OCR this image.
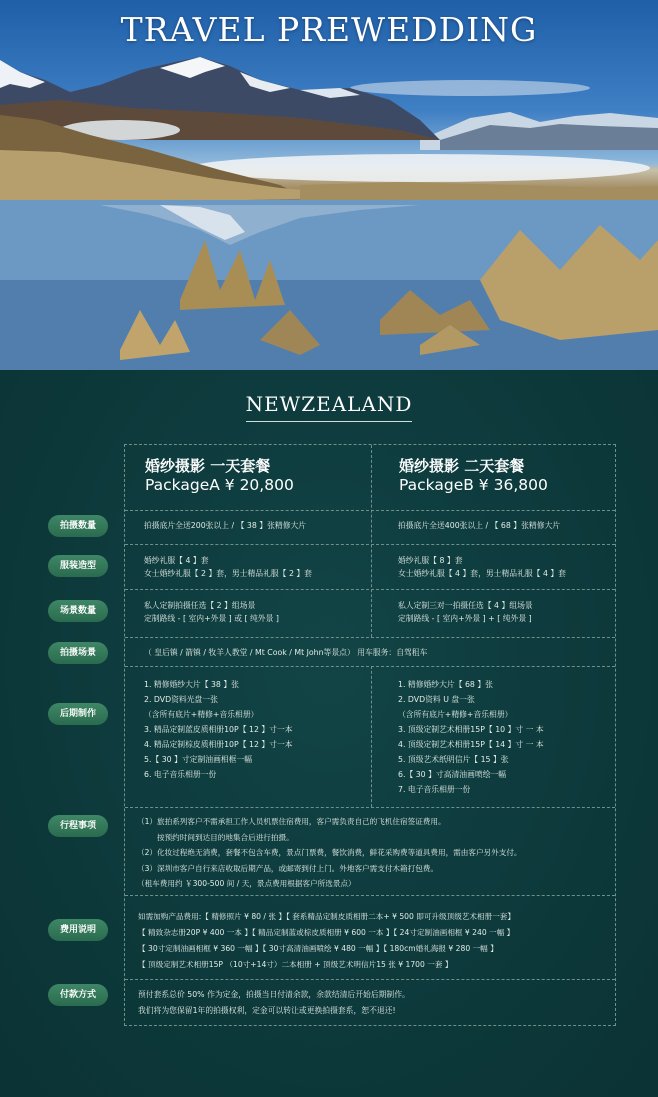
TRAVEL PREWEDDING
NEWZEALAND
婚纱摄影 一天套餐
PackageA ¥ 20,800
婚纱摄影 二天套餐
PackageB ¥ 36,800
拍摄数量
服装造型
场景数量
拍摄场景
后期制作
行程事项
费用说明
付款方式
拍摄底片全送200张以上 / 【 38 】张精修大片	拍摄底片全送400张以上 / 【 68 】张精修大片
婚纱礼服【 4 】套
女士婚纱礼服【 2 】套，男士精品礼服【 2 】套
婚纱礼服【 8 】套
女士婚纱礼服【 4 】套，男士精品礼服【 4 】套
私人定制拍摄任选【 2 】组场景
定制路线 - [ 室内+外景 ] 或 [ 纯外景 ]
私人定制三对一拍摄任选【 4 】组场景
定制路线 - [ 室内+外景 ] + [ 纯外景 ]
（ 皇后镇 / 箭镇 / 牧羊人教堂 / Mt Cook / Mt John等景点） 用车服务：自驾租车
1. 精修婚纱大片【 38 】张
2. DVD资料光盘一张
（含所有底片+精修+音乐相册）
3. 精品定制蓝皮质相册10P【 12 】寸一本
4. 精品定制棕皮质相册10P【 12 】寸一本
5.【 30 】寸定制油画相框一幅
6. 电子音乐相册一份
1. 精修婚纱大片【 68 】张
2. DVD资料 U 盘一张
（含所有底片+精修+音乐相册）
3. 顶级定制艺术相册15P【 10 】寸 一 本
4. 顶级定制艺术相册15P【 14 】寸 一 本
5. 顶级艺术纸明信片【 15 】张
6.【 30 】寸高清油画喷绘一幅
7. 电子音乐相册一份
（1）旅拍系列客户不需承担工作人员机票住宿费用，客户需负责自己的飞机住宿签证费用。
按预约时间到达目的地集合后进行拍摄。
（2）化妆过程绝无消费，套餐不包含车费，景点门票费，餐饮消费，鲜花采购费等道具费用，需由客户另外支付。
（3）深圳市客户自行来店收取后期产品，或邮寄到付上门。外地客户需支付木箱打包费。
（租车费用约 ￥300-500 间 / 天，景点费用根据客户所选景点）
如需加购产品费用:【 精修照片 ¥ 80 / 张 】【 套系精品定制皮质相册二本+ ¥ 500 即可升级顶级艺术相册一套】
【 精致杂志册20P ¥ 400 一本 】【 精品定制蓝或棕皮质相册 ¥ 600 一本 】【 24寸定制油画相框 ¥ 240 一幅 】
【 30寸定制油画相框 ¥ 360 一幅 】【 30寸高清油画喷绘 ¥ 480 一幅 】【 180cm婚礼海报 ¥ 280 一幅 】
【 顶级定制艺术相册15P （10寸+14寸）二本相册 + 顶级艺术明信片15 张 ¥ 1700 一套 】
预付套系总价 50% 作为定金，拍摄当日付清余款，余款结清后开始后期制作。
我们将为您保留1年的拍摄权利，定金可以转让或更换拍摄套系，恕不退还!
